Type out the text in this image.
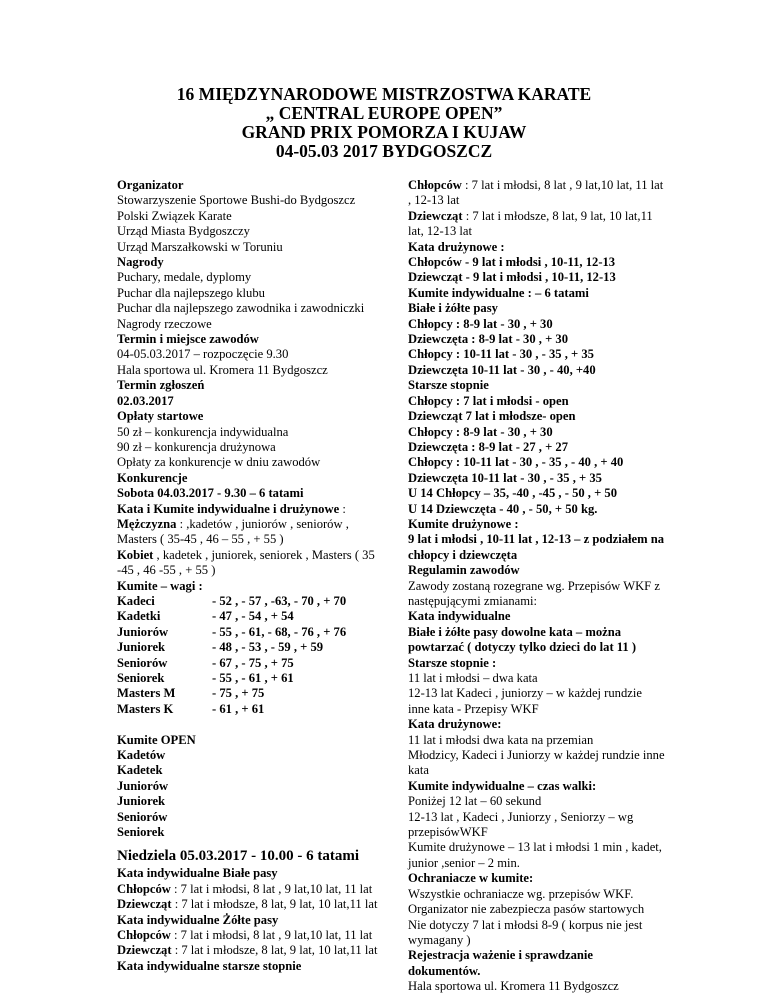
16 MIĘDZYNARODOWE MISTRZOSTWA KARATE
„ CENTRAL EUROPE OPEN”
GRAND PRIX POMORZA I KUJAW
04-05.03 2017 BYDGOSZCZ
Organizator
Stowarzyszenie Sportowe Bushi-do Bydgoszcz
Polski Związek Karate
Urząd Miasta Bydgoszczy
Urząd Marszałkowski w Toruniu
Nagrody
Puchary, medale, dyplomy
Puchar dla najlepszego klubu
Puchar dla najlepszego zawodnika i zawodniczki
Nagrody rzeczowe
Termin i miejsce zawodów
04-05.03.2017 – rozpoczęcie 9.30
Hala sportowa ul. Kromera 11 Bydgoszcz
Termin zgłoszeń
02.03.2017
Opłaty startowe
50 zł – konkurencja indywidualna
90 zł – konkurencja drużynowa
Opłaty za konkurencje w dniu zawodów
Konkurencje
Sobota 04.03.2017 - 9.30 – 6 tatami
Kata i Kumite indywidualne i drużynowe :
Mężczyzna : ,kadetów , juniorów , seniorów ,
Masters ( 35-45 , 46 – 55 , + 55 )
Kobiet , kadetek , juniorek, seniorek , Masters ( 35
-45 , 46 -55 , + 55 )
Kumite – wagi :
Kadeci	- 52 , - 57 , -63, - 70 , + 70
Kadetki	- 47 , - 54 , + 54
Juniorów	- 55 , - 61, - 68, - 76 , + 76
Juniorek	- 48 , - 53 , - 59 , + 59
Seniorów	- 67 , - 75 , + 75
Seniorek	- 55 , - 61 , + 61
Masters M	- 75 , + 75
Masters K	- 61 , + 61
Kumite OPEN
Kadetów
Kadetek
Juniorów
Juniorek
Seniorów
Seniorek
Niedziela 05.03.2017 - 10.00 - 6 tatami
Kata indywidualne Białe pasy
Chłopców : 7 lat i młodsi, 8 lat , 9 lat,10 lat, 11 lat
Dziewcząt : 7 lat i młodsze, 8 lat, 9 lat, 10 lat,11 lat
Kata indywidualne Żółte pasy
Chłopców : 7 lat i młodsi, 8 lat , 9 lat,10 lat, 11 lat
Dziewcząt : 7 lat i młodsze, 8 lat, 9 lat, 10 lat,11 lat
Kata indywidualne starsze stopnie
Chłopców : 7 lat i młodsi, 8 lat , 9 lat,10 lat, 11 lat
, 12-13 lat
Dziewcząt : 7 lat i młodsze, 8 lat, 9 lat, 10 lat,11
lat, 12-13 lat
Kata drużynowe :
Chłopców - 9 lat i młodsi , 10-11, 12-13
Dziewcząt - 9 lat i młodsi , 10-11, 12-13
Kumite indywidualne : – 6 tatami
Białe i żółte pasy
Chłopcy : 8-9 lat - 30 , + 30
Dziewczęta : 8-9 lat - 30 , + 30
Chłopcy : 10-11 lat - 30 , - 35 , + 35
Dziewczęta 10-11 lat - 30 , - 40, +40
Starsze stopnie
Chłopcy : 7 lat i młodsi - open
Dziewcząt 7 lat i młodsze- open
Chłopcy : 8-9 lat - 30 , + 30
Dziewczęta : 8-9 lat - 27 , + 27
Chłopcy : 10-11 lat - 30 , - 35 , - 40 , + 40
Dziewczęta 10-11 lat - 30 , - 35 , + 35
U 14 Chłopcy – 35, -40 , -45 , - 50 , + 50
U 14 Dziewczęta - 40 , - 50, + 50 kg.
Kumite drużynowe :
9 lat i młodsi , 10-11 lat , 12-13 – z podziałem na
chłopcy i dziewczęta
Regulamin zawodów
Zawody zostaną rozegrane wg. Przepisów WKF z
następującymi zmianami:
Kata indywidualne
Białe i żółte pasy dowolne kata – można
powtarzać ( dotyczy tylko dzieci do lat 11 )
Starsze stopnie :
11 lat i młodsi – dwa kata
12-13 lat Kadeci , juniorzy – w każdej rundzie
inne kata - Przepisy WKF
Kata drużynowe:
11 lat i młodsi dwa kata na przemian
Młodzicy, Kadeci i Juniorzy w każdej rundzie inne
kata
Kumite indywidualne – czas walki:
Poniżej 12 lat – 60 sekund
12-13 lat , Kadeci , Juniorzy , Seniorzy – wg
przepisówWKF
Kumite drużynowe – 13 lat i młodsi 1 min , kadet,
junior ,senior – 2 min.
Ochraniacze w kumite:
Wszystkie ochraniacze wg. przepisów WKF.
Organizator nie zabezpiecza pasów startowych
Nie dotyczy 7 lat i młodsi 8-9 ( korpus nie jest
wymagany )
Rejestracja ważenie i sprawdzanie
dokumentów.
Hala sportowa ul. Kromera 11 Bydgoszcz
